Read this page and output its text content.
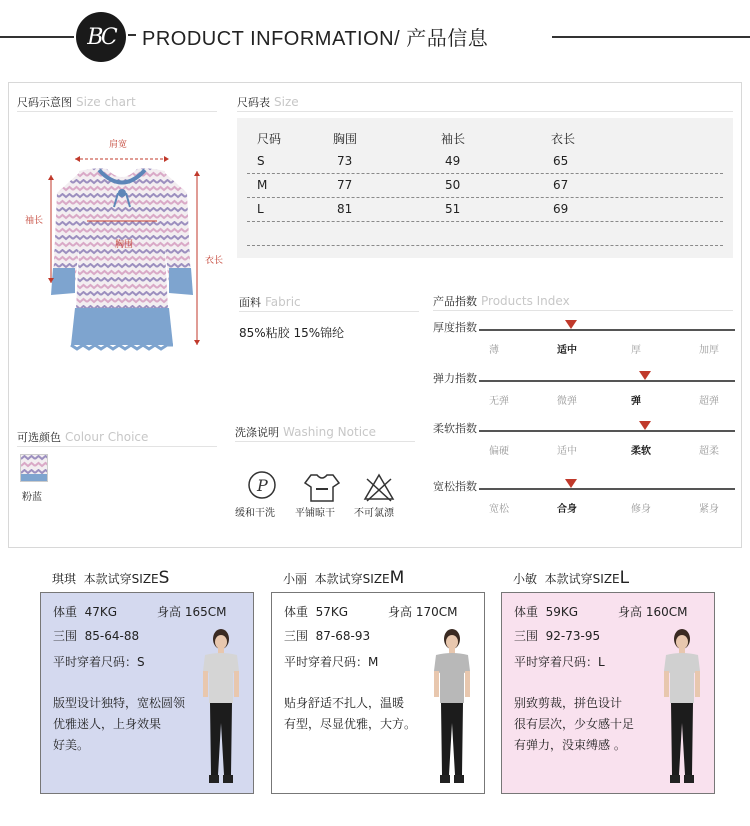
BC PRODUCT INFORMATION/ 产品信息
尺码示意图 Size chart
肩宽
袖长
胸围
衣长
尺码表 Size
尺码	胸围	袖长	衣长
S	73	49	65
M	77	50	67
L	81	51	69
面料 Fabric
85%粘胶 15%锦纶
产品指数 Products Index
可选颜色 Colour Choice
粉蓝
洗涤说明 Washing Notice
P
缓和干洗 平铺晾干 不可氯漂
厚度指数
薄	适中	厚	加厚
弹力指数
无弹	微弹	弹	超弹
柔软指数
偏硬	适中	柔软	超柔
宽松指数
宽松	合身	修身	紧身
琪琪 本款试穿SIZES
体重 47KG
三围 85-64-88
平时穿着尺码：S
身高 165CM
版型设计独特，宽松圆领
优雅迷人，上身效果
好美。
小丽 本款试穿SIZEM
体重 57KG
三围 87-68-93
平时穿着尺码：M
身高 170CM
贴身舒适不扎人，温暖
有型，尽显优雅，大方。
小敏 本款试穿SIZEL
体重 59KG
三围 92-73-95
平时穿着尺码：L
身高 160CM
别致剪裁，拼色设计
很有层次，少女感十足
有弹力，没束缚感 。
